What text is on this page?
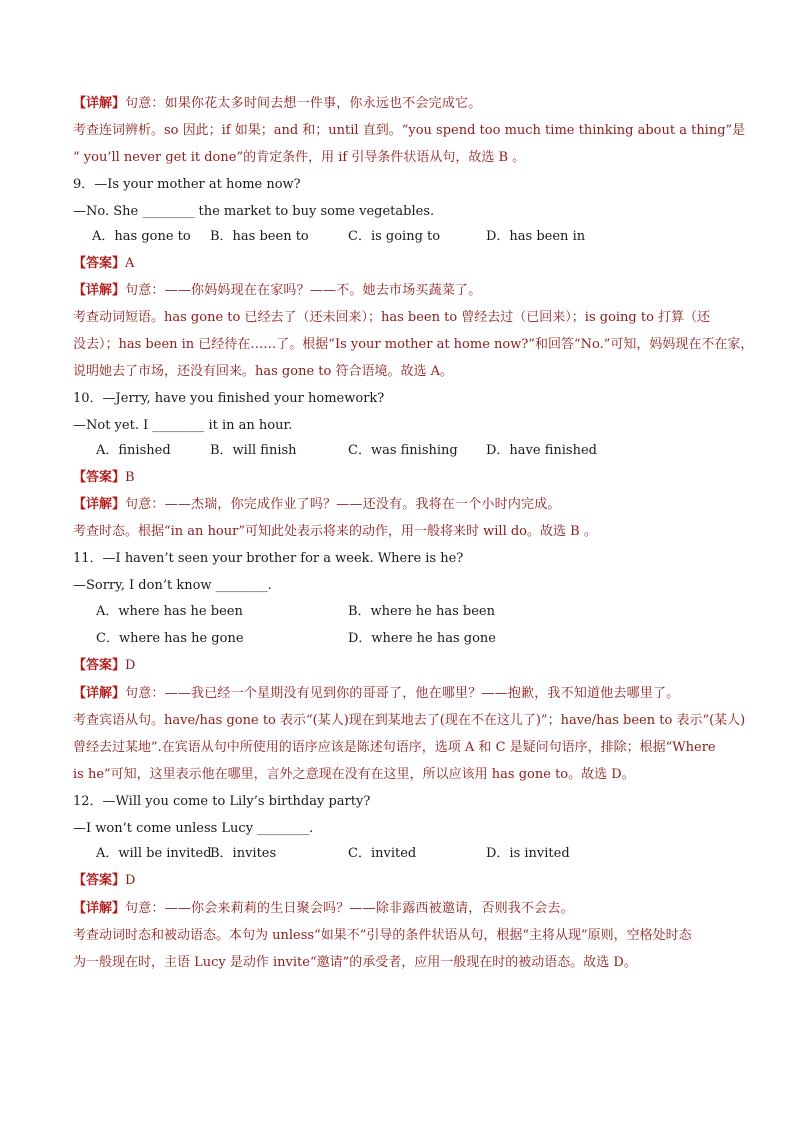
【详解】句意：如果你花太多时间去想一件事，你永远也不会完成它。
考查连词辨析。so 因此；if 如果；and 和；until 直到。“you spend too much time thinking about a thing”是
“ you’ll never get it done”的肯定条件，用 if 引导条件状语从句，故选 B 。
9．—Is your mother at home now?
—No. She ________ the market to buy some vegetables.
A．has gone to B．has been to	C．is going to	D．has been in
【答案】A
【详解】句意：——你妈妈现在在家吗？——不。她去市场买蔬菜了。
考查动词短语。has gone to 已经去了（还未回来）；has been to 曾经去过（已回来）；is going to 打算（还
没去）；has been in 已经待在……了。根据“Is your mother at home now?”和回答“No.”可知，妈妈现在不在家，
说明她去了市场，还没有回来。has gone to 符合语境。故选 A。
10．—Jerry, have you finished your homework?
—Not yet. I ________ it in an hour.
A．finished	B．will finish	C．was finishing D．have finished
【答案】B
【详解】句意：——杰瑞，你完成作业了吗？——还没有。我将在一个小时内完成。
考查时态。根据“in an hour”可知此处表示将来的动作，用一般将来时 will do。故选 B 。
11．—I haven’t seen your brother for a week. Where is he?
—Sorry, I don’t know ________.
A．where has he been	B．where he has been
C．where has he gone	D．where he has gone
【答案】D
【详解】句意：——我已经一个星期没有见到你的哥哥了，他在哪里？——抱歉，我不知道他去哪里了。
考查宾语从句。have/has gone to 表示“(某人)现在到某地去了(现在不在这儿了)”；have/has been to 表示“(某人)
曾经去过某地”.在宾语从句中所使用的语序应该是陈述句语序，选项 A 和 C 是疑问句语序，排除；根据“Where
is he”可知，这里表示他在哪里，言外之意现在没有在这里，所以应该用 has gone to。故选 D。
12．—Will you come to Lily’s birthday party?
—I won’t come unless Lucy ________.
A．will be invited
B．invites	C．invited	D．is invited
【答案】D
【详解】句意：——你会来莉莉的生日聚会吗？——除非露西被邀请，否则我不会去。
考查动词时态和被动语态。本句为 unless“如果不”引导的条件状语从句，根据“主将从现”原则，空格处时态
为一般现在时，主语 Lucy 是动作 invite“邀请”的承受者，应用一般现在时的被动语态。故选 D。
